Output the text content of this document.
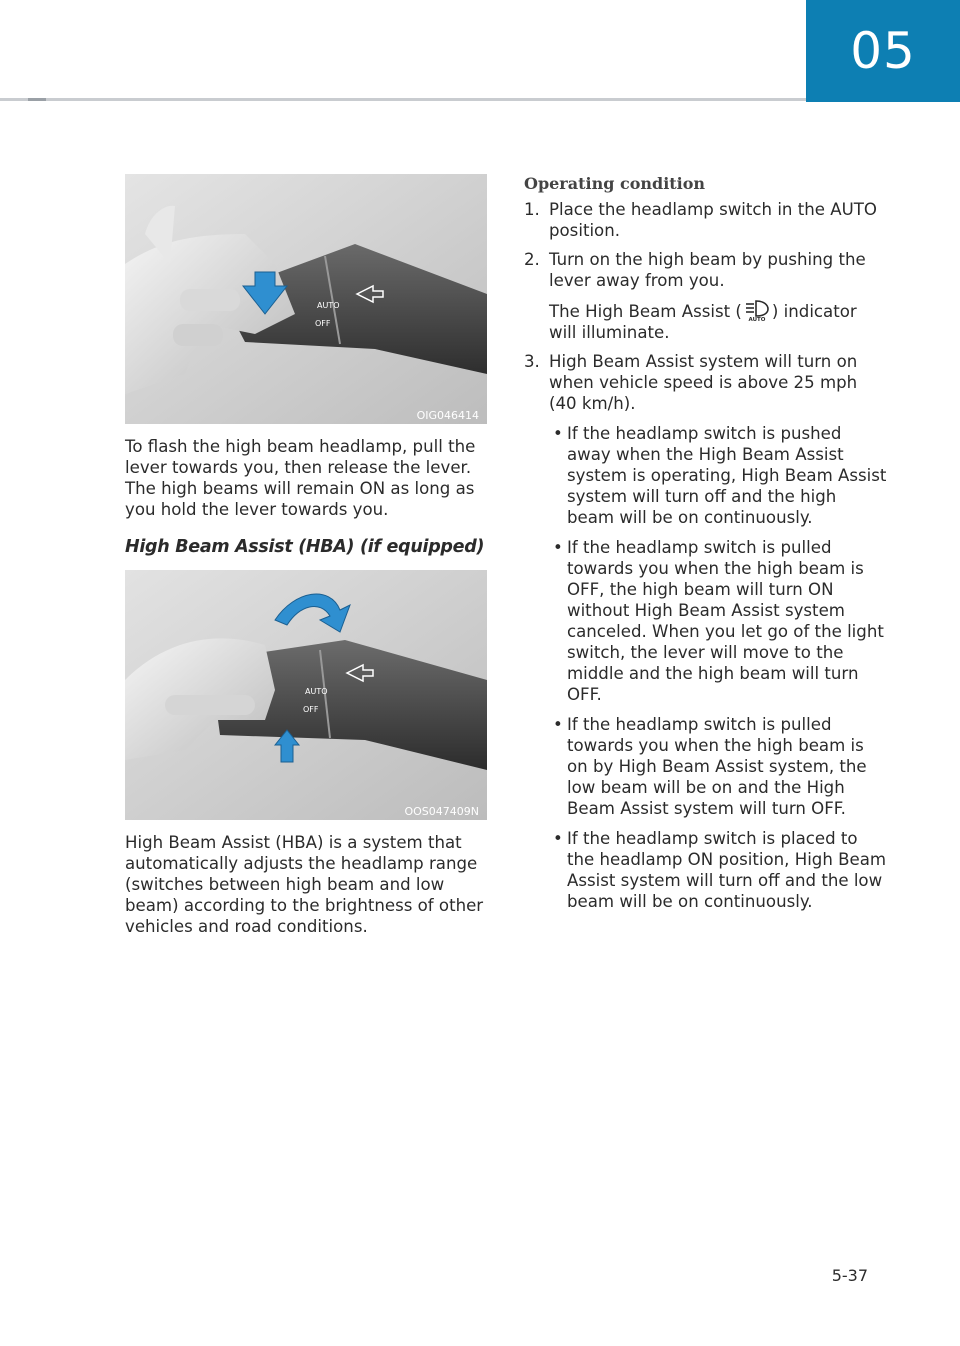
05
AUTO
OFF
OIG046414

To flash the high beam headlamp, pull the lever towards you, then release the lever. The high beams will remain ON as long as you hold the lever towards you.

High Beam Assist (HBA) (if equipped)
AUTO
OFF
OOS047409N

High Beam Assist (HBA) is a system that automatically adjusts the headlamp range (switches between high beam and low beam) according to the brightness of other vehicles and road conditions.

Operating condition
1. Place the headlamp switch in the AUTO position.
2. Turn on the high beam by pushing the lever away from you.
The High Beam Assist ( AUTO ) indicator will illuminate.
3. High Beam Assist system will turn on when vehicle speed is above 25 mph (40 km/h).
• If the headlamp switch is pushed away when the High Beam Assist system is operating, High Beam Assist system will turn off and the high beam will be on continuously.
• If the headlamp switch is pulled towards you when the high beam is OFF, the high beam will turn ON without High Beam Assist system canceled. When you let go of the light switch, the lever will move to the middle and the high beam will turn OFF.
• If the headlamp switch is pulled towards you when the high beam is on by High Beam Assist system, the low beam will be on and the High Beam Assist system will turn OFF.
• If the headlamp switch is placed to the headlamp ON position, High Beam Assist system will turn off and the low beam will be on continuously.
5-37
